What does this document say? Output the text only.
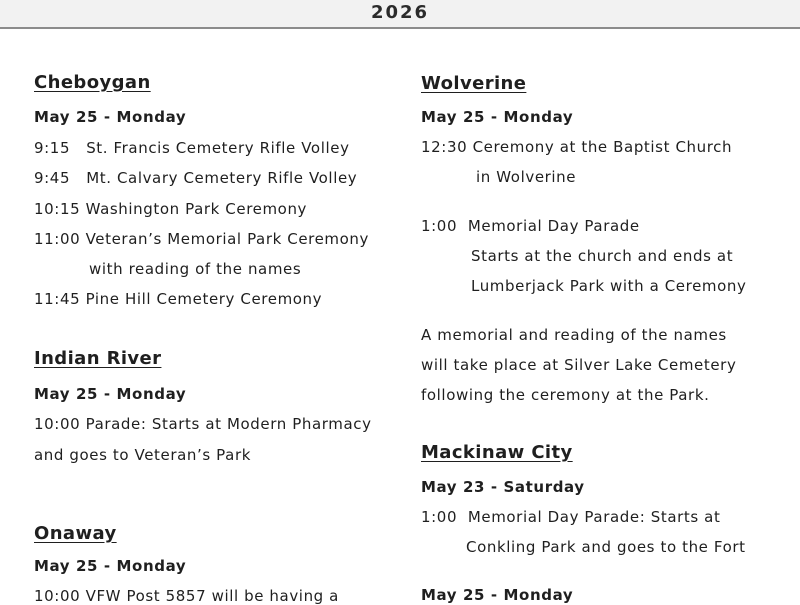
2026
Cheboygan
May 25 - Monday
9:15   St. Francis Cemetery Rifle Volley
9:45   Mt. Calvary Cemetery Rifle Volley
10:15 Washington Park Ceremony
11:00 Veteran’s Memorial Park Ceremony
with reading of the names
11:45 Pine Hill Cemetery Ceremony
Indian River
May 25 - Monday
10:00 Parade: Starts at Modern Pharmacy
and goes to Veteran’s Park
Onaway
May 25 - Monday
10:00 VFW Post 5857 will be having a
Wolverine
May 25 - Monday
12:30 Ceremony at the Baptist Church
in Wolverine
1:00  Memorial Day Parade
Starts at the church and ends at
Lumberjack Park with a Ceremony
A memorial and reading of the names
will take place at Silver Lake Cemetery
following the ceremony at the Park.
Mackinaw City
May 23 - Saturday
1:00  Memorial Day Parade: Starts at
Conkling Park and goes to the Fort
May 25 - Monday
